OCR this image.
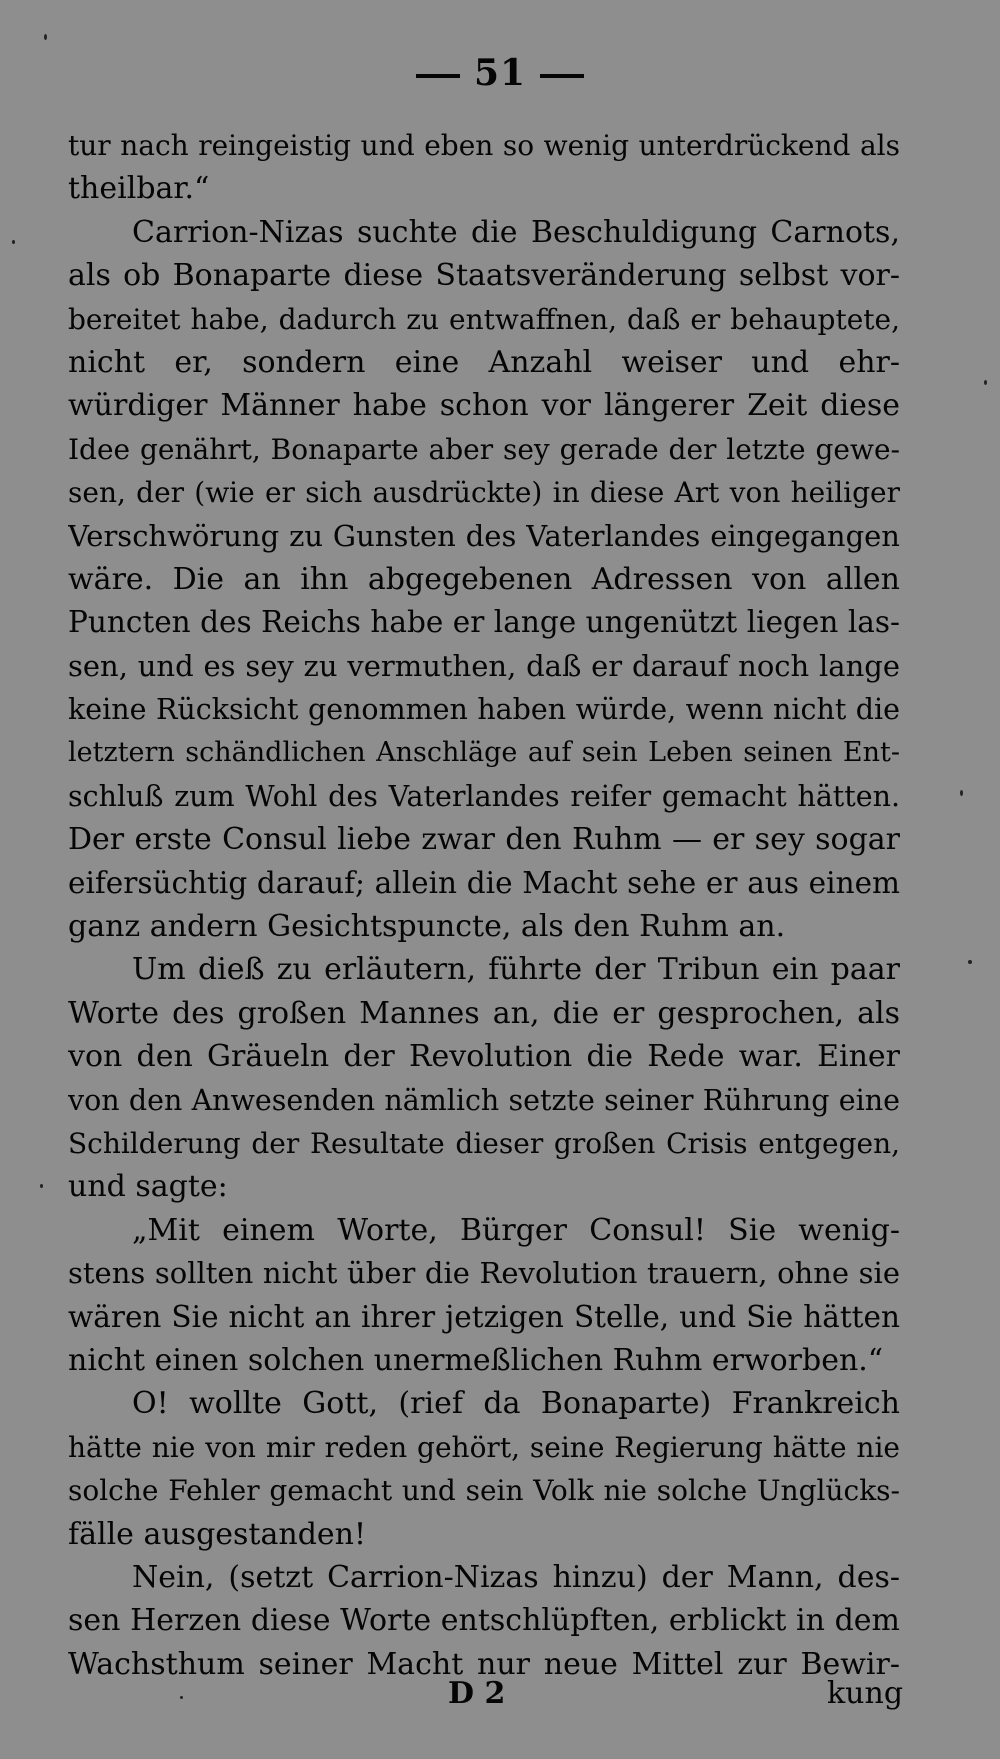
51
tur nach reingeistig und eben so wenig unterdrückend als
theilbar.“
Carrion-Nizas suchte die Beschuldigung Carnots,
als ob Bonaparte diese Staatsveränderung selbst vor-
bereitet habe, dadurch zu entwaffnen, daß er behauptete,
nicht er, sondern eine Anzahl weiser und ehr-
würdiger Männer habe schon vor längerer Zeit diese
Idee genährt, Bonaparte aber sey gerade der letzte gewe-
sen, der (wie er sich ausdrückte) in diese Art von heiliger
Verschwörung zu Gunsten des Vaterlandes eingegangen
wäre. Die an ihn abgegebenen Adressen von allen
Puncten des Reichs habe er lange ungenützt liegen las-
sen, und es sey zu vermuthen, daß er darauf noch lange
keine Rücksicht genommen haben würde, wenn nicht die
letztern schändlichen Anschläge auf sein Leben seinen Ent-
schluß zum Wohl des Vaterlandes reifer gemacht hätten.
Der erste Consul liebe zwar den Ruhm — er sey sogar
eifersüchtig darauf; allein die Macht sehe er aus einem
ganz andern Gesichtspuncte, als den Ruhm an.
Um dieß zu erläutern, führte der Tribun ein paar
Worte des großen Mannes an, die er gesprochen, als
von den Gräueln der Revolution die Rede war. Einer
von den Anwesenden nämlich setzte seiner Rührung eine
Schilderung der Resultate dieser großen Crisis entgegen,
und sagte:
„Mit einem Worte, Bürger Consul! Sie wenig-
stens sollten nicht über die Revolution trauern, ohne sie
wären Sie nicht an ihrer jetzigen Stelle, und Sie hätten
nicht einen solchen unermeßlichen Ruhm erworben.“
O! wollte Gott, (rief da Bonaparte) Frankreich
hätte nie von mir reden gehört, seine Regierung hätte nie
solche Fehler gemacht und sein Volk nie solche Unglücks-
fälle ausgestanden!
Nein, (setzt Carrion-Nizas hinzu) der Mann, des-
sen Herzen diese Worte entschlüpften, erblickt in dem
Wachsthum seiner Macht nur neue Mittel zur Bewir-
D 2	kung
